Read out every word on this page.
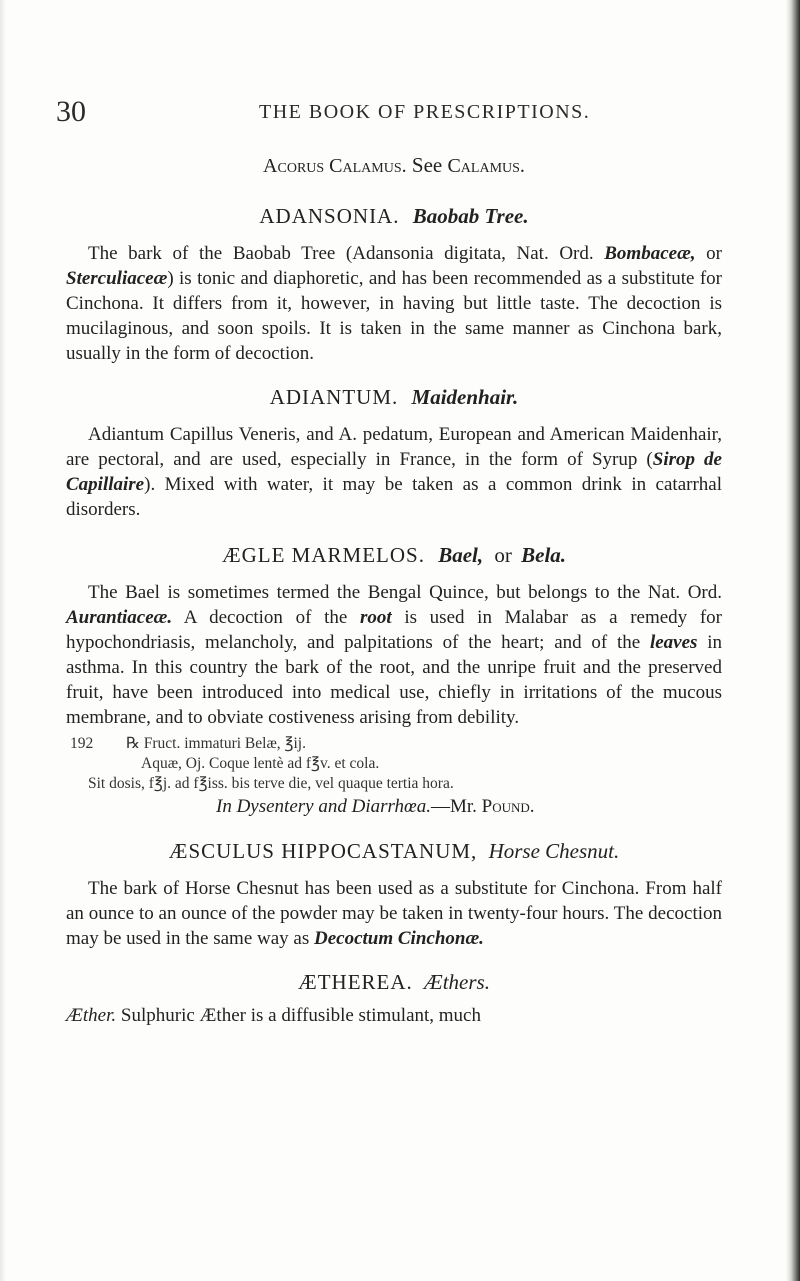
30	THE BOOK OF PRESCRIPTIONS.
Acorus Calamus. See Calamus.
ADANSONIA. Baobab Tree.
The bark of the Baobab Tree (Adansonia digitata, Nat. Ord. Bombaceæ, or Sterculiaceæ) is tonic and diaphoretic, and has been recommended as a substitute for Cinchona. It differs from it, however, in having but little taste. The decoction is mucilaginous, and soon spoils. It is taken in the same manner as Cinchona bark, usually in the form of decoction.
ADIANTUM. Maidenhair.
Adiantum Capillus Veneris, and A. pedatum, European and American Maidenhair, are pectoral, and are used, especially in France, in the form of Syrup (Sirop de Capillaire). Mixed with water, it may be taken as a common drink in catarrhal disorders.
ÆGLE MARMELOS. Bael, or Bela.
The Bael is sometimes termed the Bengal Quince, but belongs to the Nat. Ord. Aurantiaceæ. A decoction of the root is used in Malabar as a remedy for hypochondriasis, melancholy, and palpitations of the heart; and of the leaves in asthma. In this country the bark of the root, and the unripe fruit and the preserved fruit, have been introduced into medical use, chiefly in irritations of the mucous membrane, and to obviate costiveness arising from debility.
192 ℞ Fruct. immaturi Belæ, ℥ij.
Aquæ, Oj. Coque lentè ad f℥v. et cola.
Sit dosis, f℥j. ad f℥iss. bis terve die, vel quaque tertia hora.
In Dysentery and Diarrhœa.—Mr. Pound.
ÆSCULUS HIPPOCASTANUM, Horse Chesnut.
The bark of Horse Chesnut has been used as a substitute for Cinchona. From half an ounce to an ounce of the powder may be taken in twenty-four hours. The decoction may be used in the same way as Decoctum Cinchonæ.
ÆTHEREA. Æthers.
Æther. Sulphuric Æther is a diffusible stimulant, much
